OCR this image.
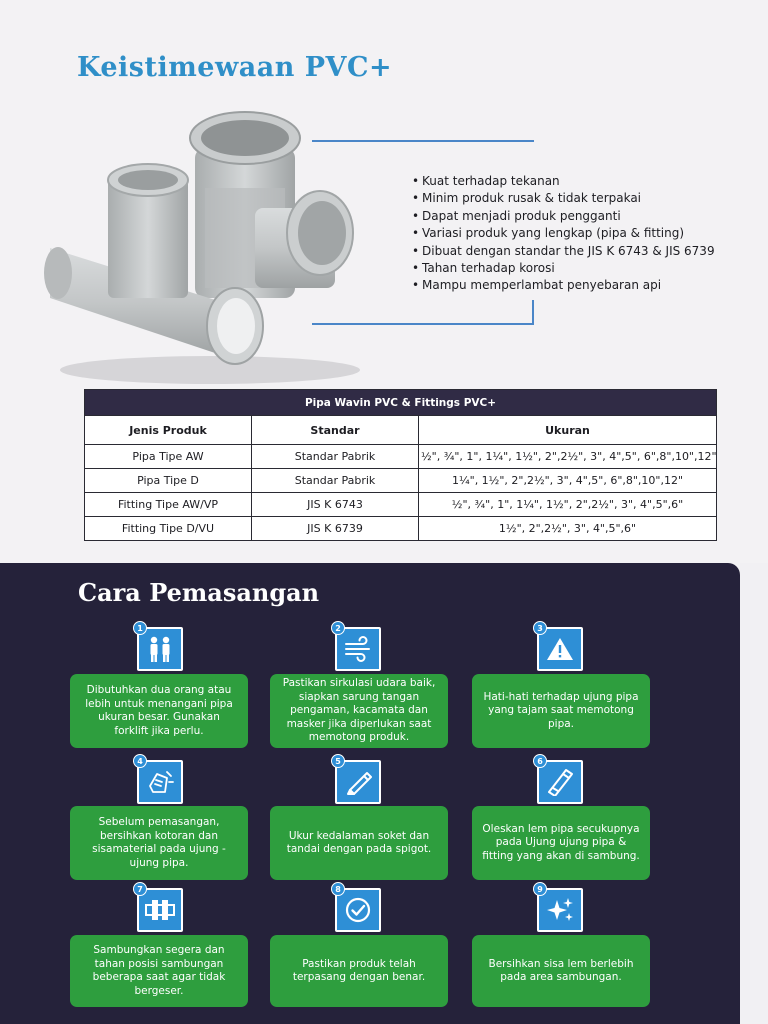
Keistimewaan PVC+
• Kuat terhadap tekanan
• Minim produk rusak & tidak terpakai
• Dapat menjadi produk pengganti
• Variasi produk yang lengkap (pipa & fitting)
• Dibuat dengan standar the JIS K 6743 & JIS 6739
• Tahan terhadap korosi
• Mampu memperlambat penyebaran api
Pipa Wavin PVC & Fittings PVC+		
Jenis Produk	Standar	Ukuran
Pipa Tipe AW	Standar Pabrik	½", ¾", 1", 1¼", 1½", 2",2½", 3", 4",5", 6",8",10",12"
Pipa Tipe D	Standar Pabrik	1¼", 1½", 2",2½", 3", 4",5", 6",8",10",12"
Fitting Tipe AW/VP	JIS K 6743	½", ¾", 1", 1¼", 1½", 2",2½", 3", 4",5",6"
Fitting Tipe D/VU	JIS K 6739	1½", 2",2½", 3", 4",5",6"
Cara Pemasangan
1
Dibutuhkan dua orang atau lebih untuk menangani pipa ukuran besar. Gunakan forklift jika perlu.
2
Pastikan sirkulasi udara baik, siapkan sarung tangan pengaman, kacamata dan masker jika diperlukan saat memotong produk.
3
Hati-hati terhadap ujung pipa yang tajam saat memotong pipa.
4
Sebelum pemasangan, bersihkan kotoran dan sisamaterial pada ujung - ujung pipa.
5
Ukur kedalaman soket dan tandai dengan pada spigot.
6
Oleskan lem pipa secukupnya pada Ujung ujung pipa & fitting yang akan di sambung.
7
Sambungkan segera dan tahan posisi sambungan beberapa saat agar tidak bergeser.
8
Pastikan produk telah terpasang dengan benar.
9
Bersihkan sisa lem berlebih pada area sambungan.
